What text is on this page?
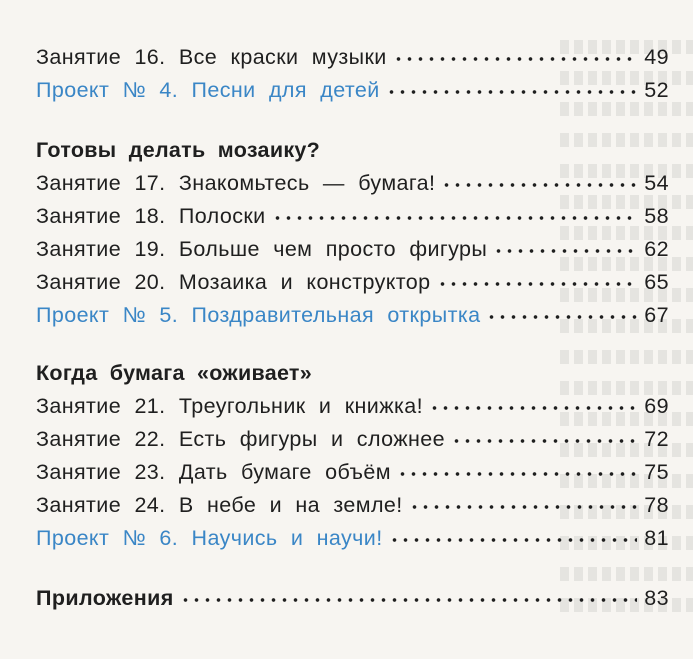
Занятие 16. Все краски музыки	49
Проект № 4. Песни для детей	52
Готовы делать мозаику?
Занятие 17. Знакомьтесь — бумага!	54
Занятие 18. Полоски	58
Занятие 19. Больше чем просто фигуры	62
Занятие 20. Мозаика и конструктор	65
Проект № 5. Поздравительная открытка	67
Когда бумага «оживает»
Занятие 21. Треугольник и книжка!	69
Занятие 22. Есть фигуры и сложнее	72
Занятие 23. Дать бумаге объём	75
Занятие 24. В небе и на земле!	78
Проект № 6. Научись и научи!	81
Приложения	83
